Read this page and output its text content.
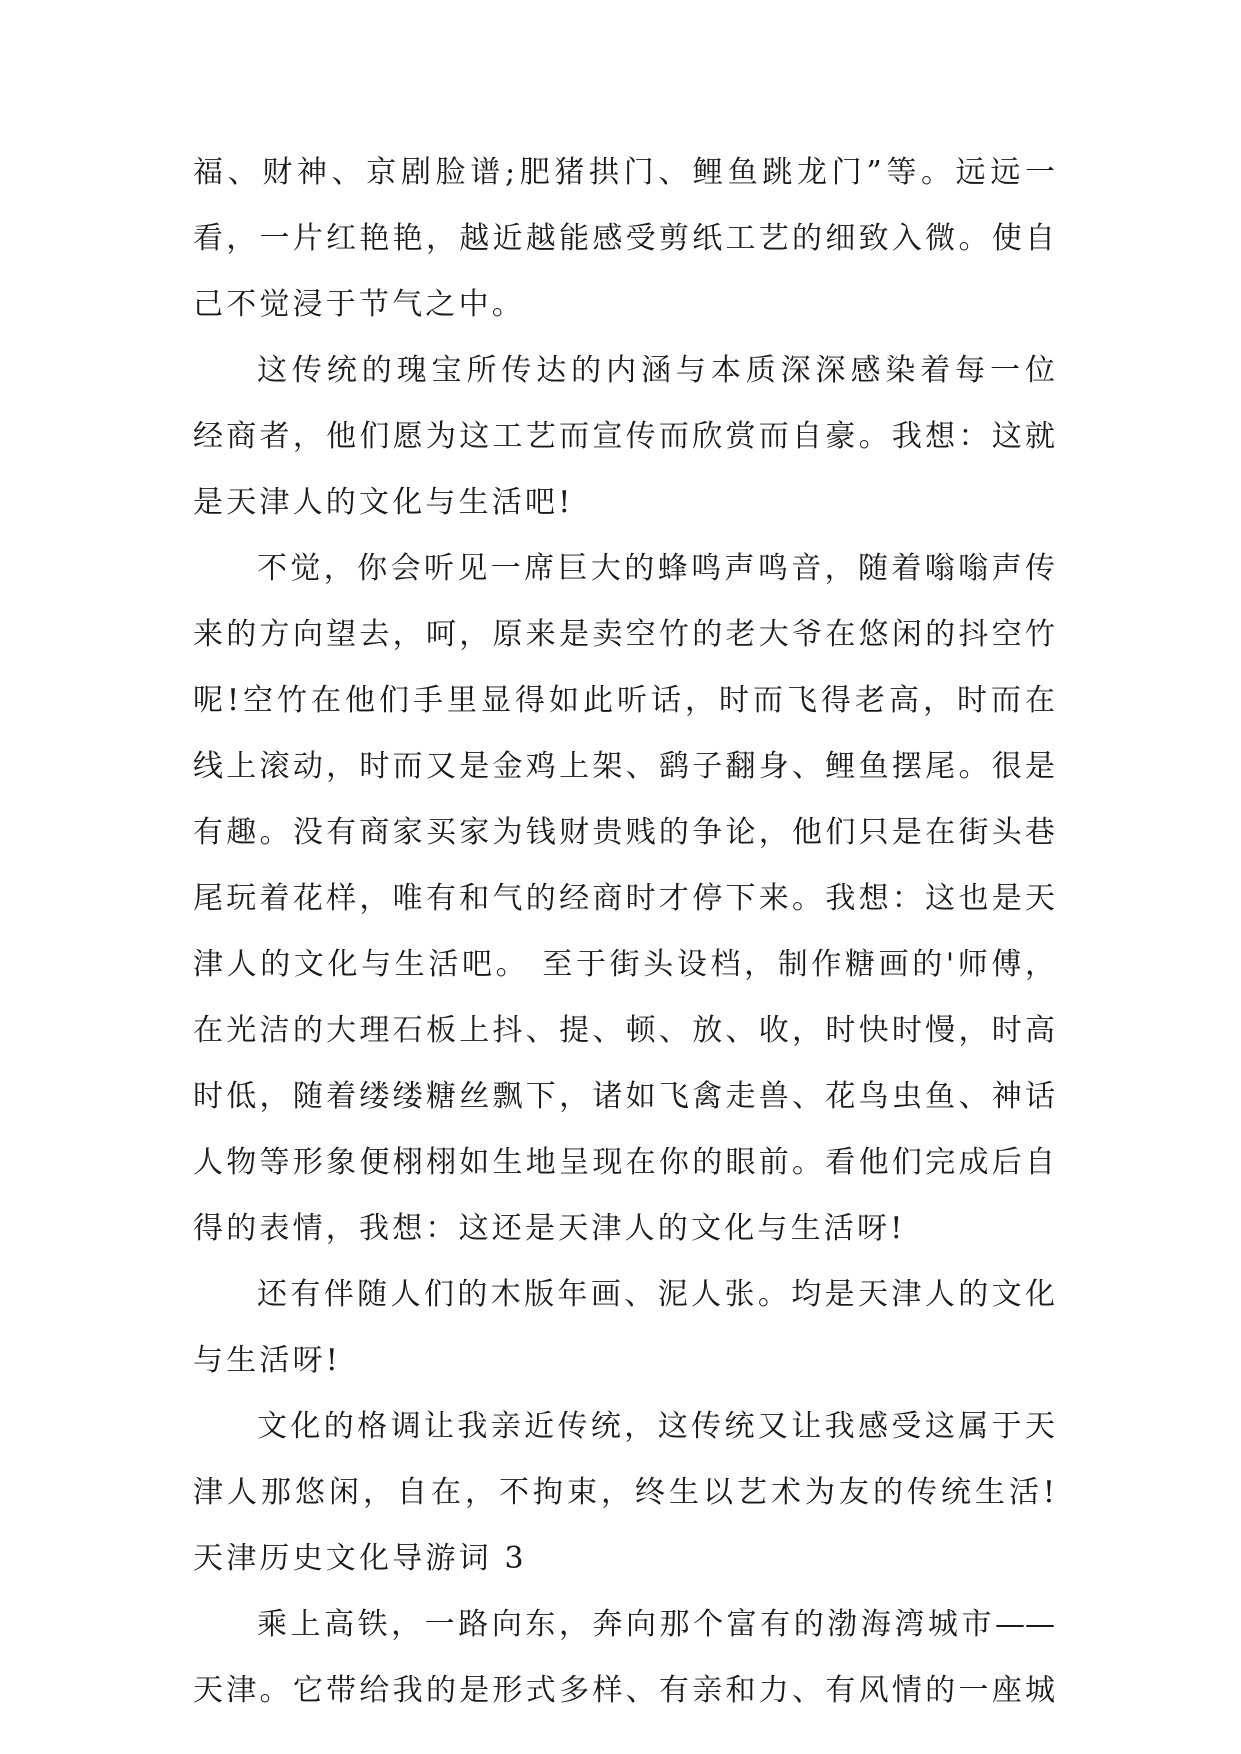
福、财神、京剧脸谱;肥猪拱门、鲤鱼跳龙门”等。远远一
看，一片红艳艳，越近越能感受剪纸工艺的细致入微。使自
己不觉浸于节气之中。
这传统的瑰宝所传达的内涵与本质深深感染着每一位
经商者，他们愿为这工艺而宣传而欣赏而自豪。我想：这就
是天津人的文化与生活吧!
不觉，你会听见一席巨大的蜂鸣声鸣音，随着嗡嗡声传
来的方向望去，呵，原来是卖空竹的老大爷在悠闲的抖空竹
呢!空竹在他们手里显得如此听话，时而飞得老高，时而在
线上滚动，时而又是金鸡上架、鹞子翻身、鲤鱼摆尾。很是
有趣。没有商家买家为钱财贵贱的争论，他们只是在街头巷
尾玩着花样，唯有和气的经商时才停下来。我想：这也是天
津人的文化与生活吧。 至于街头设档，制作糖画的'师傅，
在光洁的大理石板上抖、提、顿、放、收，时快时慢，时高
时低，随着缕缕糖丝飘下，诸如飞禽走兽、花鸟虫鱼、神话
人物等形象便栩栩如生地呈现在你的眼前。看他们完成后自
得的表情，我想：这还是天津人的文化与生活呀!
还有伴随人们的木版年画、泥人张。均是天津人的文化
与生活呀!
文化的格调让我亲近传统，这传统又让我感受这属于天
津人那悠闲，自在，不拘束，终生以艺术为友的传统生活!
天津历史文化导游词 3
乘上高铁，一路向东，奔向那个富有的渤海湾城市——
天津。它带给我的是形式多样、有亲和力、有风情的一座城
